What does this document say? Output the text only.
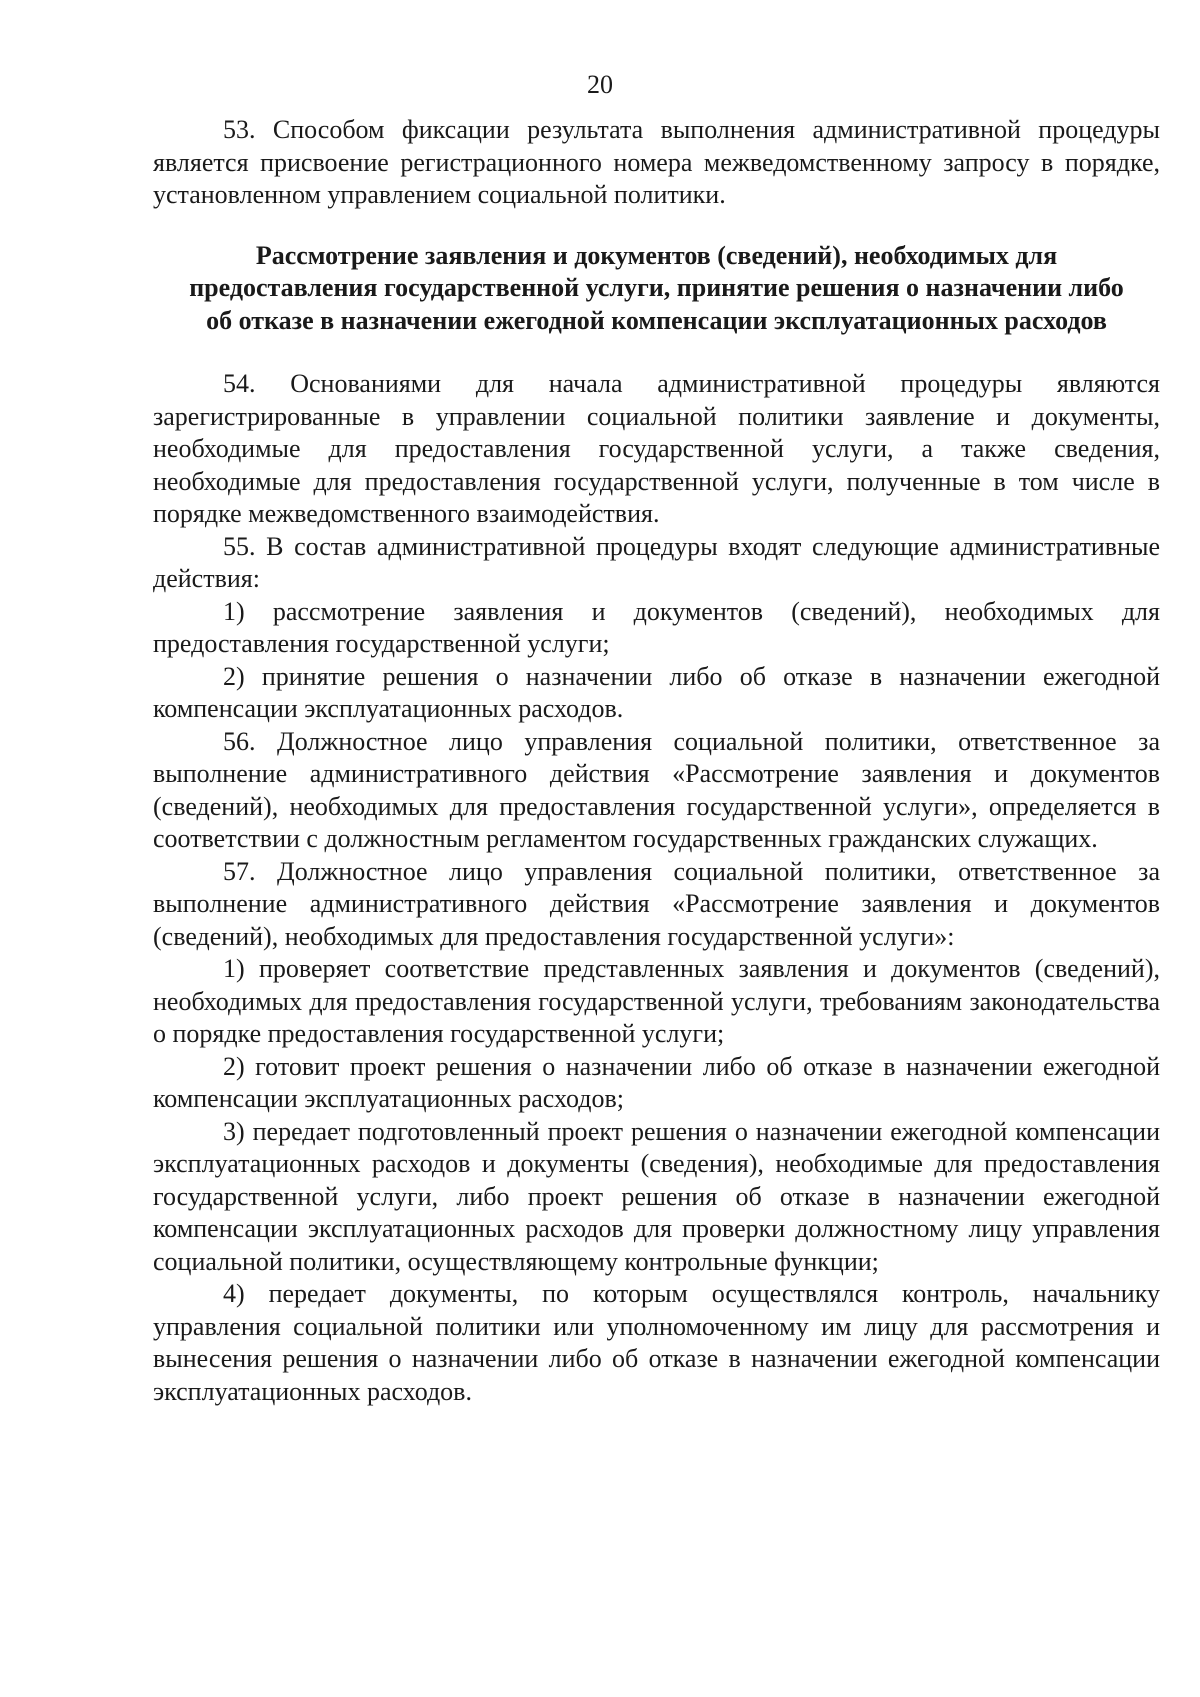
20

53. Способом фиксации результата выполнения административной процедуры является присвоение регистрационного номера межведомственному запросу в порядке, установленном управлением социальной политики.

Рассмотрение заявления и документов (сведений), необходимых для предоставления государственной услуги, принятие решения о назначении либо об отказе в назначении ежегодной компенсации эксплуатационных расходов

54. Основаниями для начала административной процедуры являются зарегистрированные в управлении социальной политики заявление и документы, необходимые для предоставления государственной услуги, а также сведения, необходимые для предоставления государственной услуги, полученные в том числе в порядке межведомственного взаимодействия.

55. В состав административной процедуры входят следующие административные действия:

1) рассмотрение заявления и документов (сведений), необходимых для предоставления государственной услуги;

2) принятие решения о назначении либо об отказе в назначении ежегодной компенсации эксплуатационных расходов.

56. Должностное лицо управления социальной политики, ответственное за выполнение административного действия «Рассмотрение заявления и документов (сведений), необходимых для предоставления государственной услуги», определяется в соответствии с должностным регламентом государственных гражданских служащих.

57. Должностное лицо управления социальной политики, ответственное за выполнение административного действия «Рассмотрение заявления и документов (сведений), необходимых для предоставления государственной услуги»:

1) проверяет соответствие представленных заявления и документов (сведений), необходимых для предоставления государственной услуги, требованиям законодательства о порядке предоставления государственной услуги;

2) готовит проект решения о назначении либо об отказе в назначении ежегодной компенсации эксплуатационных расходов;

3) передает подготовленный проект решения о назначении ежегодной компенсации эксплуатационных расходов и документы (сведения), необходимые для предоставления государственной услуги, либо проект решения об отказе в назначении ежегодной компенсации эксплуатационных расходов для проверки должностному лицу управления социальной политики, осуществляющему контрольные функции;

4) передает документы, по которым осуществлялся контроль, начальнику управления социальной политики или уполномоченному им лицу для рассмотрения и вынесения решения о назначении либо об отказе в назначении ежегодной компенсации эксплуатационных расходов.
